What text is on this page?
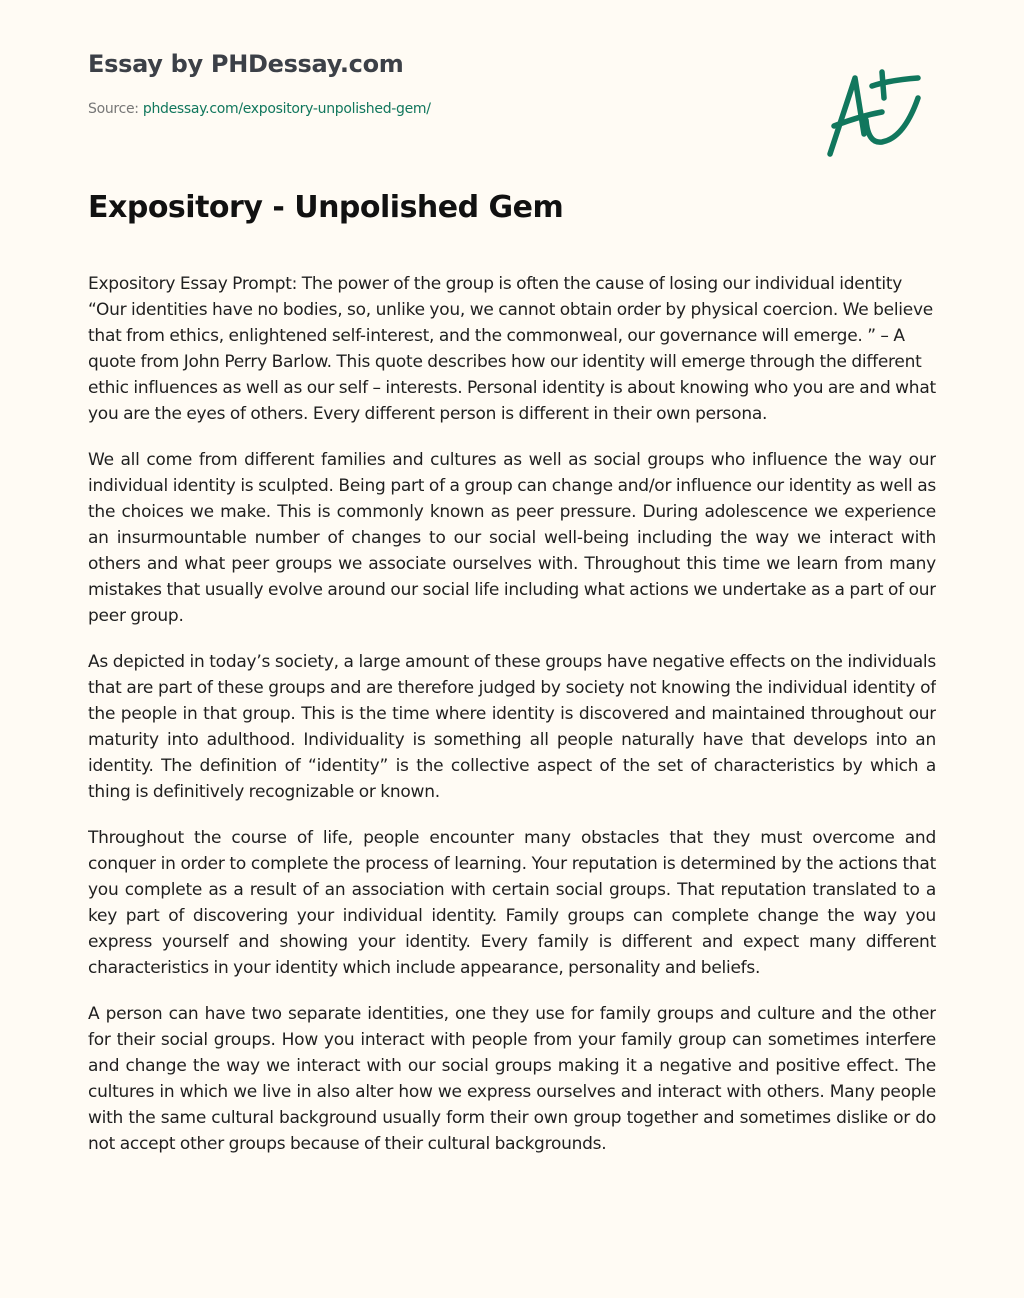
Essay by PHDessay.com
Source: phdessay.com/expository-unpolished-gem/
Expository - Unpolished Gem

Expository Essay Prompt: The power of the group is often the cause of losing our individual identity “Our identities have no bodies, so, unlike you, we cannot obtain order by physical coercion. We believe that from ethics, enlightened self-interest, and the commonweal, our governance will emerge. ” – A quote from John Perry Barlow. This quote describes how our identity will emerge through the different ethic influences as well as our self – interests. Personal identity is about knowing who you are and what you are the eyes of others. Every different person is different in their own persona.

We all come from different families and cultures as well as social groups who influence the way our individual identity is sculpted. Being part of a group can change and/or influence our identity as well as the choices we make. This is commonly known as peer pressure. During adolescence we experience an insurmountable number of changes to our social well-being including the way we interact with others and what peer groups we associate ourselves with. Throughout this time we learn from many mistakes that usually evolve around our social life including what actions we undertake as a part of our peer group.

As depicted in today’s society, a large amount of these groups have negative effects on the individuals that are part of these groups and are therefore judged by society not knowing the individual identity of the people in that group. This is the time where identity is discovered and maintained throughout our maturity into adulthood. Individuality is something all people naturally have that develops into an identity. The definition of “identity” is the collective aspect of the set of characteristics by which a thing is definitively recognizable or known.

Throughout the course of life, people encounter many obstacles that they must overcome and conquer in order to complete the process of learning. Your reputation is determined by the actions that you complete as a result of an association with certain social groups. That reputation translated to a key part of discovering your individual identity. Family groups can complete change the way you express yourself and showing your identity. Every family is different and expect many different characteristics in your identity which include appearance, personality and beliefs.

A person can have two separate identities, one they use for family groups and culture and the other for their social groups. How you interact with people from your family group can sometimes interfere and change the way we interact with our social groups making it a negative and positive effect. The cultures in which we live in also alter how we express ourselves and interact with others. Many people with the same cultural background usually form their own group together and sometimes dislike or do not accept other groups because of their cultural backgrounds.
